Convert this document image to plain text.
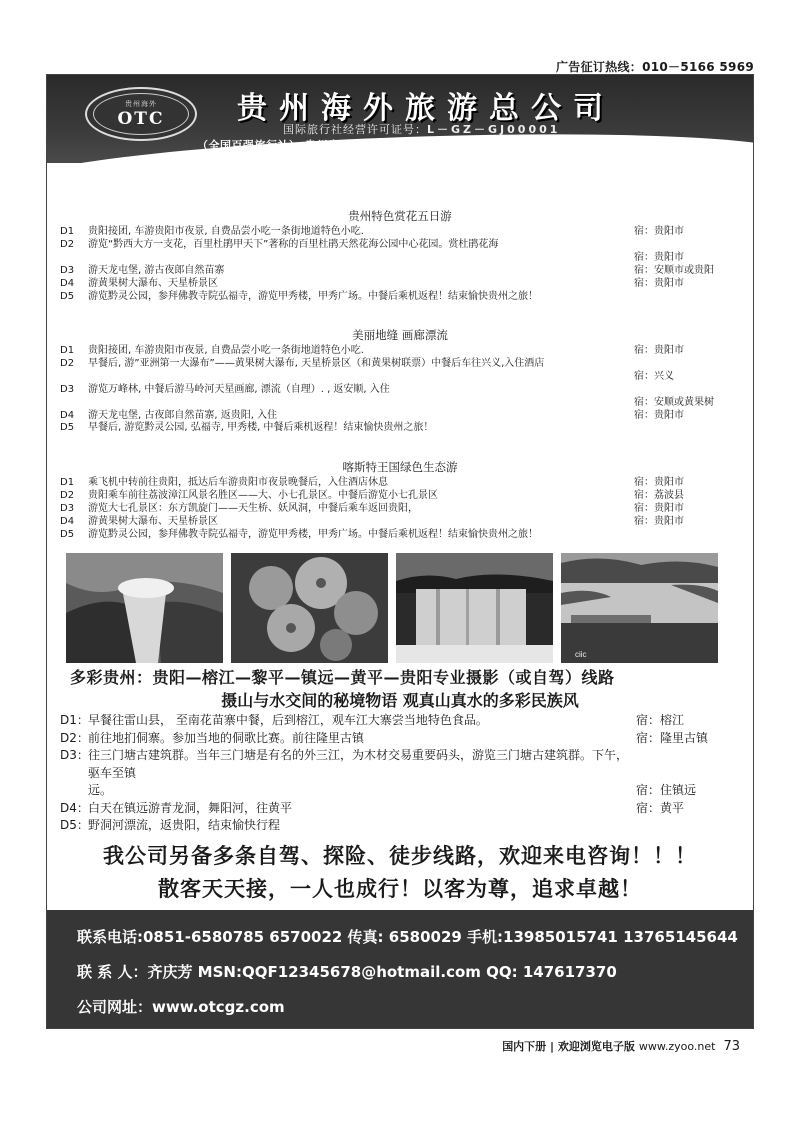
广告征订热线：010－5166 5969
贵州海外
OTC 贵州海外旅游总公司
国际旅行社经营许可证号：L－GZ－GJ00001
（全国百强旅行社） 贵州省 唯一 交纳160万元质量保证金保障旅行社
贵州特色赏花五日游
D1	贵阳接团, 车游贵阳市夜景, 自费品尝小吃一条街地道特色小吃.	宿：贵阳市
D2	游览“黔西大方一支花，百里杜鹃甲天下”著称的百里杜鹃天然花海公园中心花园。赏杜鹃花海
宿：贵阳市
D3	游天龙屯堡, 游古夜郎自然苗寨	宿：安顺市或贵阳
D4	游黄果树大瀑布、天星桥景区	宿：贵阳市
D5	游览黔灵公园，参拜佛教寺院弘福寺，游览甲秀楼，甲秀广场。中餐后乘机返程！结束愉快贵州之旅！
美丽地缝 画廊漂流
D1	贵阳接团, 车游贵阳市夜景, 自费品尝小吃一条街地道特色小吃.	宿：贵阳市
D2	早餐后, 游”亚洲第一大瀑布”——黄果树大瀑布, 天星桥景区（和黄果树联票）中餐后车往兴义,入住酒店
宿：兴义
D3	游览万峰林, 中餐后游马岭河天星画廊, 漂流（自理）. , 返安顺, 入住
宿：安顺或黄果树
D4	游天龙屯堡, 古夜郎自然苗寨, 返贵阳, 入住	宿：贵阳市
D5	早餐后, 游览黔灵公园, 弘福寺, 甲秀楼, 中餐后乘机返程！结束愉快贵州之旅！
喀斯特王国绿色生态游
D1	乘飞机中转前往贵阳，抵达后车游贵阳市夜景晚餐后，入住酒店休息	宿：贵阳市
D2	贵阳乘车前往荔波漳江风景名胜区——大、小七孔景区。中餐后游览小七孔景区	宿：荔波县
D3	游览大七孔景区：东方凯旋门——天生桥、妖风洞，中餐后乘车返回贵阳，	宿：贵阳市
D4	游黄果树大瀑布、天星桥景区	宿：贵阳市
D5	游览黔灵公园，参拜佛教寺院弘福寺，游览甲秀楼，甲秀广场。中餐后乘机返程！结束愉快贵州之旅！
ciic
多彩贵州：贵阳—榕江—黎平—镇远—黄平—贵阳专业摄影（或自驾）线路
摄山与水交间的秘境物语 观真山真水的多彩民族风
D1： 早餐往雷山县， 至南花苗寨中餐，后到榕江，观车江大寨尝当地特色食品。	宿：榕江
D2： 前往地扪侗寨。参加当地的侗歌比赛。前往隆里古镇	宿：隆里古镇
D3： 往三门塘古建筑群。当年三门塘是有名的外三江，为木材交易重要码头，游览三门塘古建筑群。下午，驱车至镇
远。	宿：住镇远
D4： 白天在镇远游青龙洞，舞阳河，往黄平	宿：黄平
D5： 野洞河漂流，返贵阳，结束愉快行程
我公司另备多条自驾、探险、徒步线路，欢迎来电咨询！！！
散客天天接，一人也成行！以客为尊，追求卓越！
联系电话:0851-6580785 6570022 传真: 6580029 手机:13985015741 13765145644
联 系 人：齐庆芳 MSN:QQF12345678@hotmail.com QQ: 147617370
公司网址：www.otcgz.com
国内下册 | 欢迎浏览电子版 www.zyoo.net 73
